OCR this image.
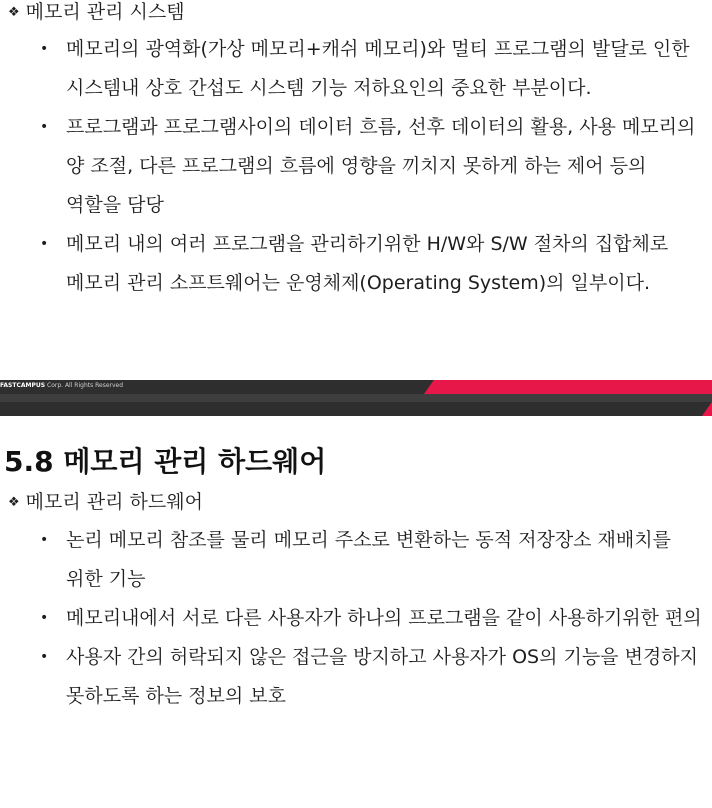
❖ 메모리 관리 시스템
• 메모리의 광역화(가상 메모리+캐쉬 메모리)와 멀티 프로그램의 발달로 인한 시스템내 상호 간섭도 시스템 기능 저하요인의 중요한 부분이다.
• 프로그램과 프로그램사이의 데이터 흐름, 선후 데이터의 활용, 사용 메모리의 양 조절, 다른 프로그램의 흐름에 영향을 끼치지 못하게 하는 제어 등의 역할을 담당
• 메모리 내의 여러 프로그램을 관리하기위한 H/W와 S/W 절차의 집합체로 메모리 관리 소프트웨어는 운영체제(Operating System)의 일부이다.
FASTCAMPUS Corp. All Rights Reserved
5.8 메모리 관리 하드웨어
❖ 메모리 관리 하드웨어
• 논리 메모리 참조를 물리 메모리 주소로 변환하는 동적 저장장소 재배치를 위한 기능
• 메모리내에서 서로 다른 사용자가 하나의 프로그램을 같이 사용하기위한 편의
• 사용자 간의 허락되지 않은 접근을 방지하고 사용자가 OS의 기능을 변경하지 못하도록 하는 정보의 보호
